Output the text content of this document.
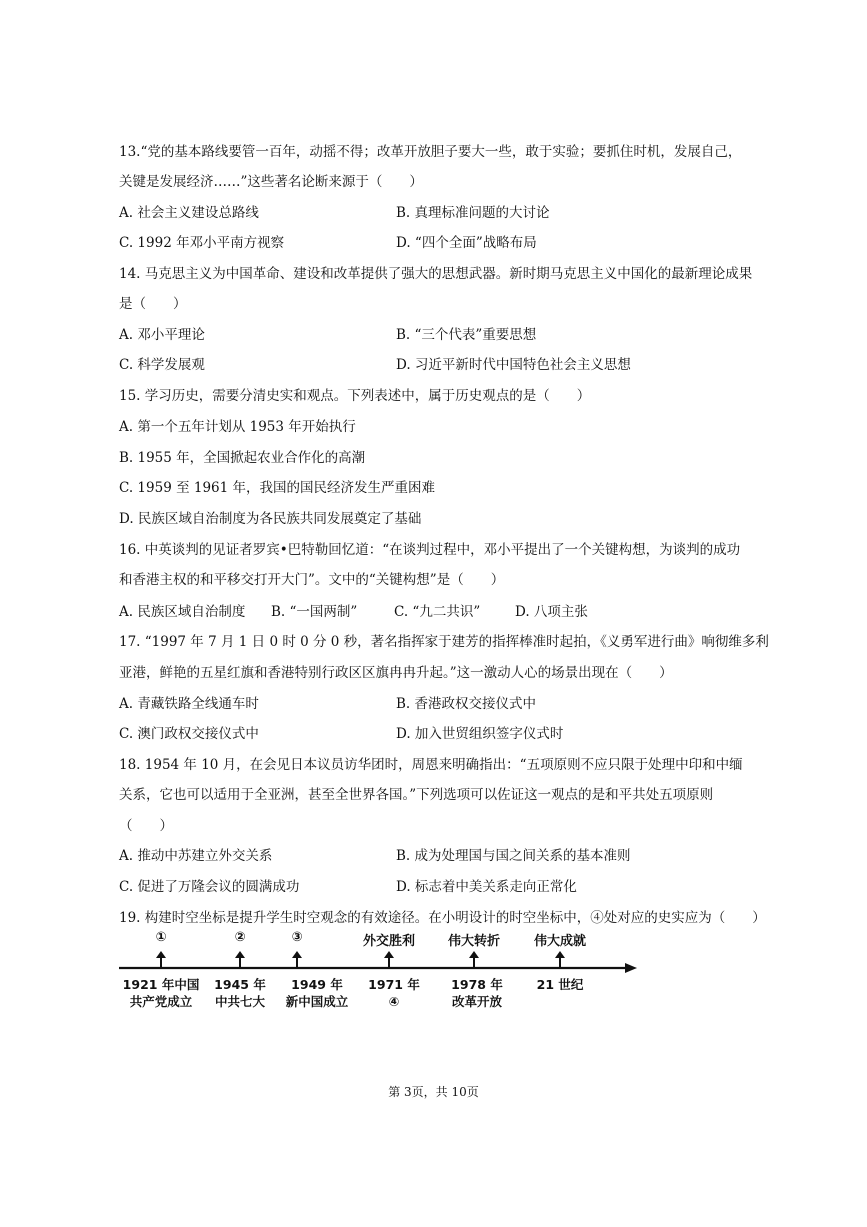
13.“党的基本路线要管一百年，动摇不得；改革开放胆子要大一些，敢于实验；要抓住时机，发展自己，
关键是发展经济……”这些著名论断来源于（　　）
A. 社会主义建设总路线	B. 真理标准问题的大讨论
C. 1992 年邓小平南方视察	D. “四个全面”战略布局
14. 马克思主义为中国革命、建设和改革提供了强大的思想武器。新时期马克思主义中国化的最新理论成果
是（　　）
A. 邓小平理论	B. “三个代表”重要思想
C. 科学发展观	D. 习近平新时代中国特色社会主义思想
15. 学习历史，需要分清史实和观点。下列表述中，属于历史观点的是（　　）
A. 第一个五年计划从 1953 年开始执行
B. 1955 年，全国掀起农业合作化的高潮
C. 1959 至 1961 年，我国的国民经济发生严重困难
D. 民族区域自治制度为各民族共同发展奠定了基础
16. 中英谈判的见证者罗宾•巴特勒回忆道：“在谈判过程中，邓小平提出了一个关键构想，为谈判的成功
和香港主权的和平移交打开大门”。文中的“关键构想”是（　　）
A. 民族区域自治制度 B. “一国两制”	C. “九二共识”	D. 八项主张
17. “1997 年 7 月 1 日 0 时 0 分 0 秒，著名指挥家于建芳的指挥棒准时起拍，《义勇军进行曲》响彻维多利
亚港，鲜艳的五星红旗和香港特别行政区区旗冉冉升起。”这一激动人心的场景出现在（　　）
A. 青藏铁路全线通车时	B. 香港政权交接仪式中
C. 澳门政权交接仪式中	D. 加入世贸组织签字仪式时
18. 1954 年 10 月，在会见日本议员访华团时，周恩来明确指出：“五项原则不应只限于处理中印和中缅
关系，它也可以适用于全亚洲，甚至全世界各国。”下列选项可以佐证这一观点的是和平共处五项原则
（　　）
A. 推动中苏建立外交关系	B. 成为处理国与国之间关系的基本准则
C. 促进了万隆会议的圆满成功	D. 标志着中美关系走向正常化
19. 构建时空坐标是提升学生时空观念的有效途径。在小明设计的时空坐标中，④处对应的史实应为（　　）
①	②	③	外交胜利	伟大转折	伟大成就
1921 年中国
共产党成立
1945 年
中共七大
1949 年
新中国成立
1971 年
④
1978 年
改革开放
21 世纪
第 3页，共 10页
